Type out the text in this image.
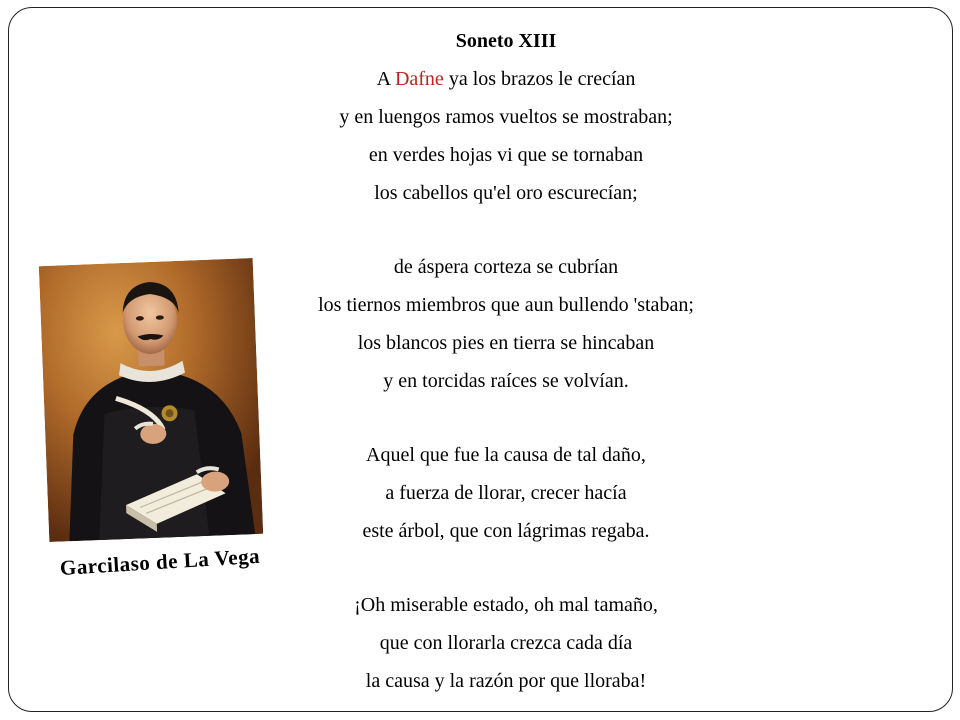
Soneto XIII

A Dafne ya los brazos le crecían

y en luengos ramos vueltos se mostraban;

en verdes hojas vi que se tornaban

los cabellos qu'el oro escurecían;

de áspera corteza se cubrían

los tiernos miembros que aun bullendo 'staban;

los blancos pies en tierra se hincaban

y en torcidas raíces se volvían.

Aquel que fue la causa de tal daño,

a fuerza de llorar, crecer hacía

este árbol, que con lágrimas regaba.

¡Oh miserable estado, oh mal tamaño,

que con llorarla crezca cada día

la causa y la razón por que lloraba!

Garcilaso de La Vega
